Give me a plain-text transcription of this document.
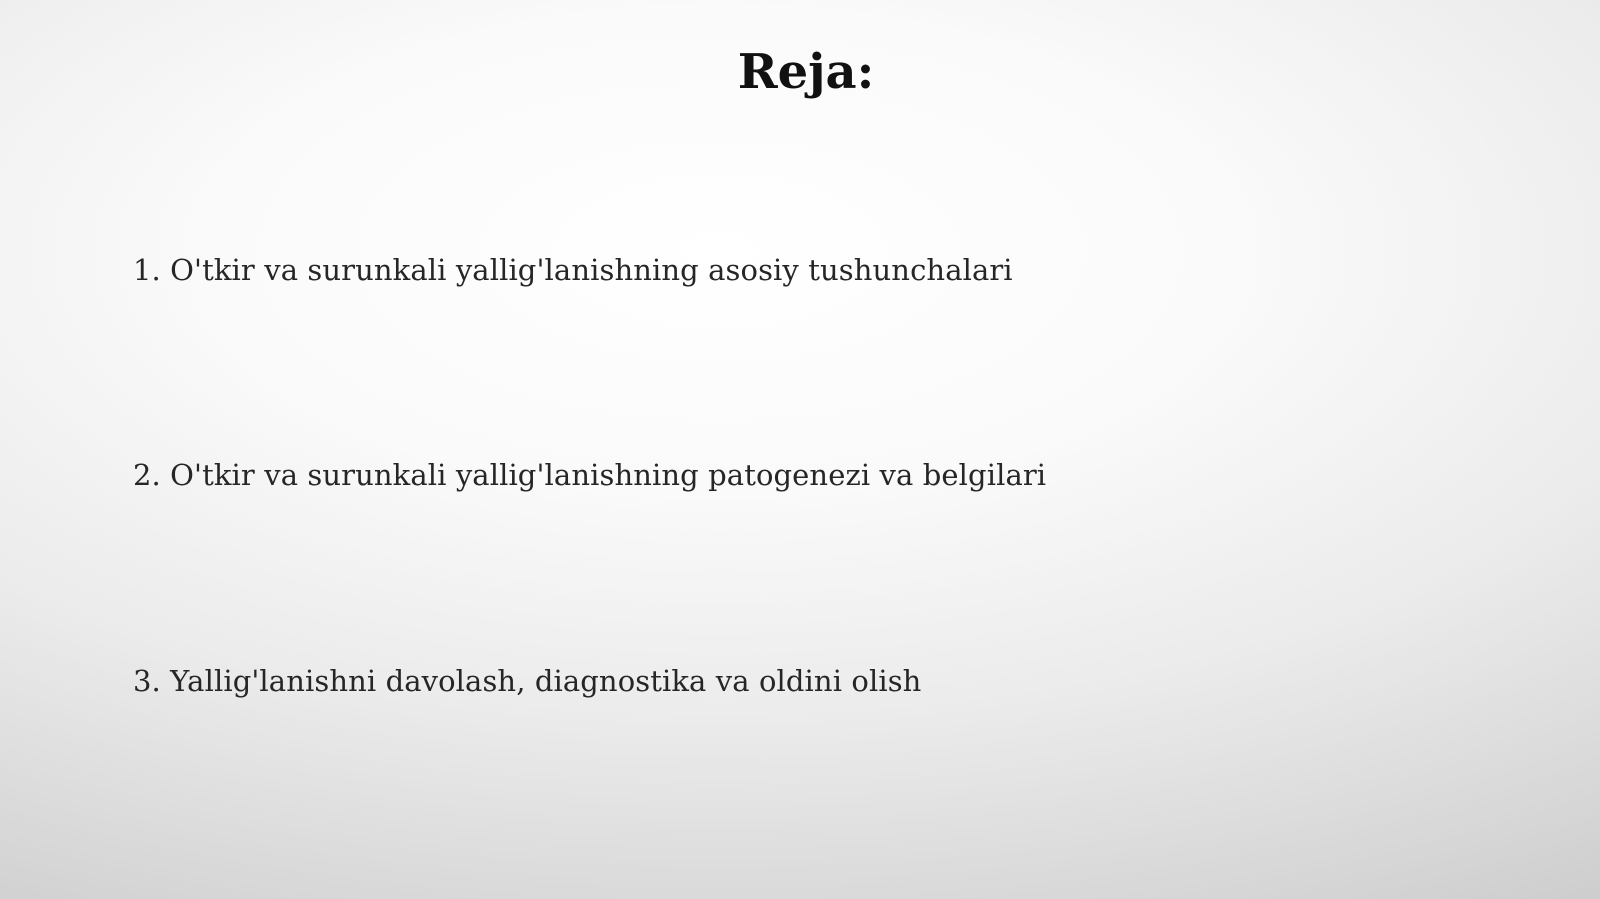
Reja:

1. O'tkir va surunkali yallig'lanishning asosiy tushunchalari

2. O'tkir va surunkali yallig'lanishning patogenezi va belgilari

3. Yallig'lanishni davolash, diagnostika va oldini olish
